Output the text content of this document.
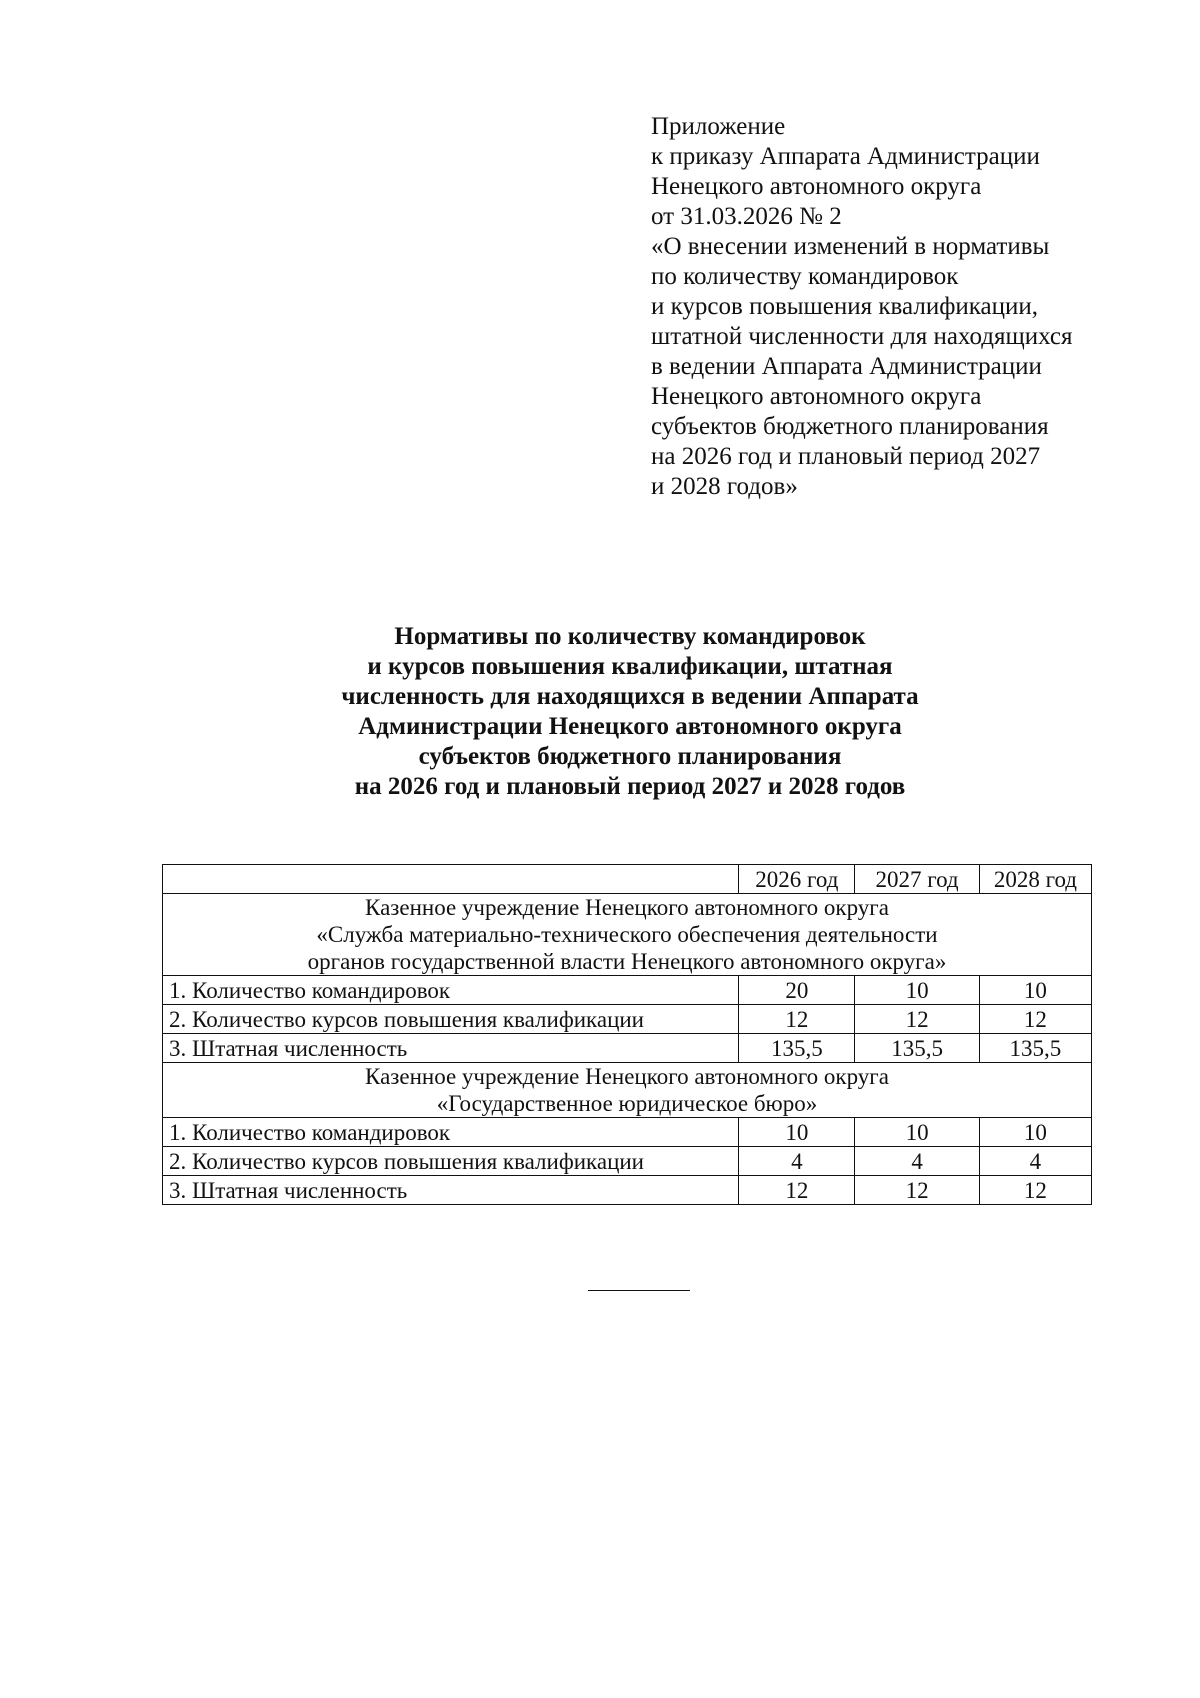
Приложение
к приказу Аппарата Администрации
Ненецкого автономного округа
от 31.03.2026 № 2
«О внесении изменений в нормативы
по количеству командировок
и курсов повышения квалификации,
штатной численности для находящихся
в ведении Аппарата Администрации
Ненецкого автономного округа
субъектов бюджетного планирования
на 2026 год и плановый период 2027
и 2028 годов»
Нормативы по количеству командировок
и курсов повышения квалификации, штатная
численность для находящихся в ведении Аппарата
Администрации Ненецкого автономного округа
субъектов бюджетного планирования
на 2026 год и плановый период 2027 и 2028 годов
	2026 год	2027 год	2028 год

Казенное учреждение Ненецкого автономного округа
«Служба материально-технического обеспечения деятельности
органов государственной власти Ненецкого автономного округа»			

1. Количество командировок	20	10	10
2. Количество курсов повышения квалификации	12	12	12
3. Штатная численность	135,5	135,5	135,5

Казенное учреждение Ненецкого автономного округа
«Государственное юридическое бюро»			

1. Количество командировок	10	10	10
2. Количество курсов повышения квалификации	4	4	4
3. Штатная численность	12	12	12
